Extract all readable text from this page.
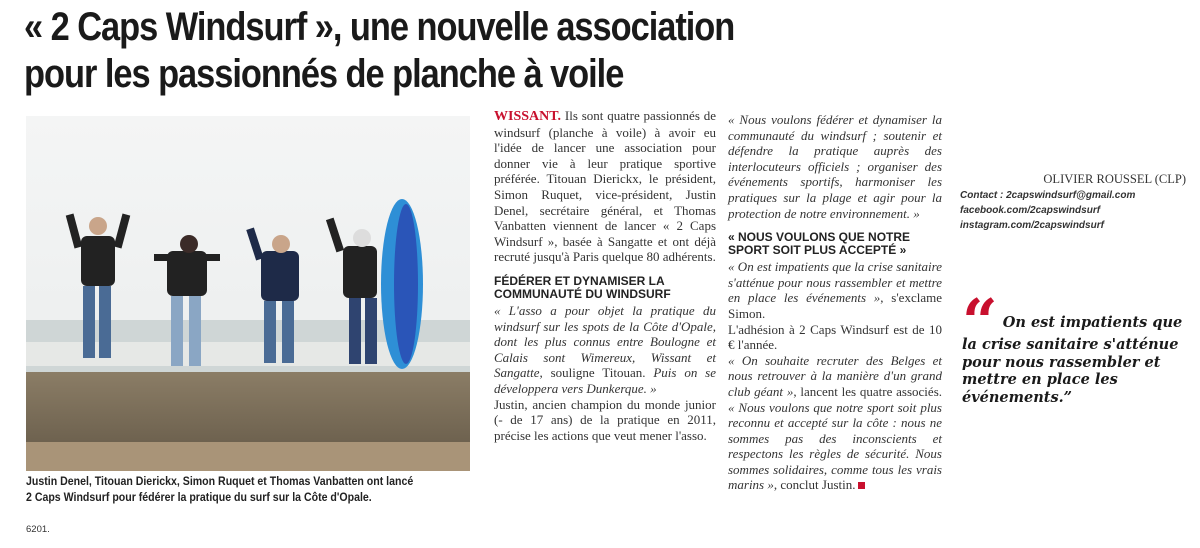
« 2 Caps Windsurf », une nouvelle association
pour les passionnés de planche à voile
Justin Denel, Titouan Dierickx, Simon Ruquet et Thomas Vanbatten ont lancé
2 Caps Windsurf pour fédérer la pratique du surf sur la Côte d'Opale.
6201.

WISSANT. Ils sont quatre passionnés de windsurf (planche à voile) à avoir eu l'idée de lancer une association pour donner vie à leur pratique sportive préférée. Titouan Dierickx, le président, Simon Ruquet, vice-président, Justin Denel, secrétaire général, et Thomas Vanbatten viennent de lancer « 2 Caps Windsurf », basée à Sangatte et ont déjà recruté jusqu'à Paris quelque 80 adhérents.

FÉDÉRER ET DYNAMISER LA COMMUNAUTÉ DU WINDSURF

« L'asso a pour objet la pratique du windsurf sur les spots de la Côte d'Opale, dont les plus connus entre Boulogne et Calais sont Wimereux, Wissant et Sangatte, souligne Titouan. Puis on se développera vers Dunkerque. »

Justin, ancien champion du monde junior (- de 17 ans) de la pratique en 2011, précise les actions que veut mener l'asso.

« Nous voulons fédérer et dynamiser la communauté du windsurf ; soutenir et défendre la pratique auprès des interlocuteurs officiels ; organiser des événements sportifs, harmoniser les pratiques sur la plage et agir pour la protection de notre environnement. »

« NOUS VOULONS QUE NOTRE SPORT SOIT PLUS ACCEPTÉ »

« On est impatients que la crise sanitaire s'atténue pour nous rassembler et mettre en place les événements », s'exclame Simon.

L'adhésion à 2 Caps Windsurf est de 10 € l'année.

« On souhaite recruter des Belges et nous retrouver à la manière d'un grand club géant », lancent les quatre associés. « Nous voulons que notre sport soit plus reconnu et accepté sur la côte : nous ne sommes pas des inconscients et respectons les règles de sécurité. Nous sommes solidaires, comme tous les vrais marins », conclut Justin.

OLIVIER ROUSSEL (CLP)

Contact : 2capswindsurf@gmail.com
facebook.com/2capswindsurf
instagram.com/2capswindsurf
“ On est impatients que la crise sanitaire s'atténue pour nous rassembler et mettre en place les événements.”
